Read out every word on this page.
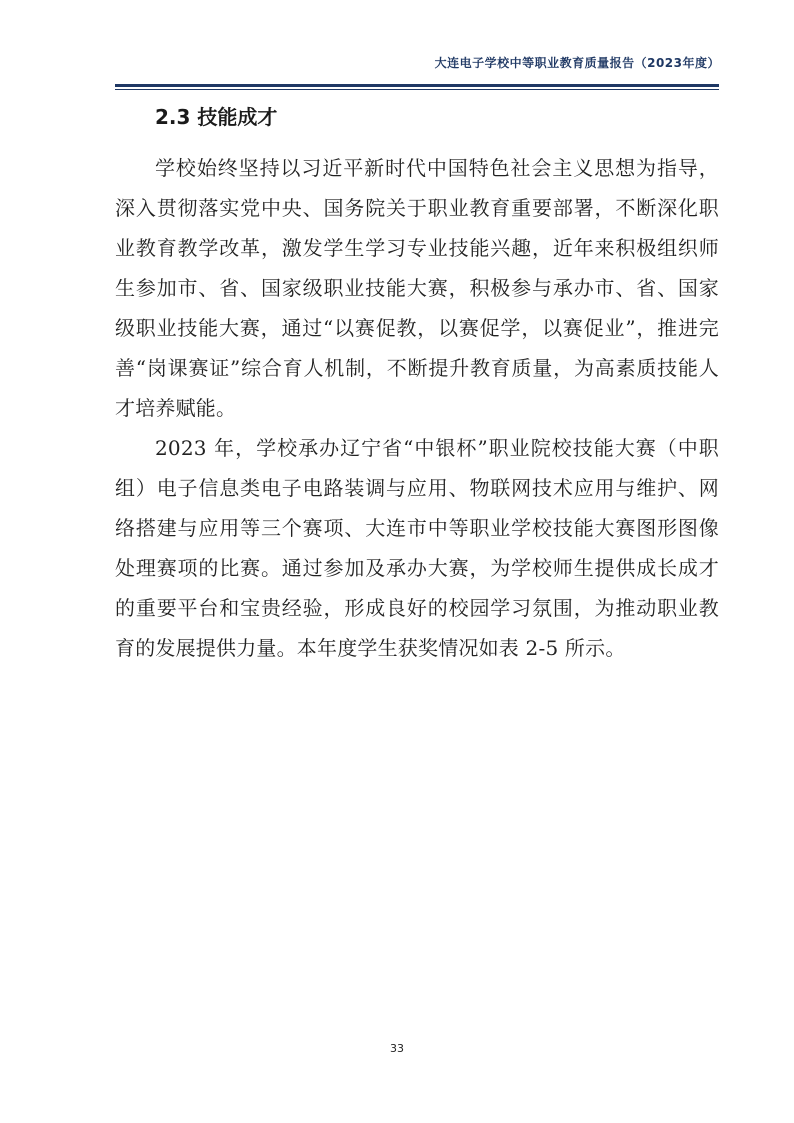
大连电子学校中等职业教育质量报告（2023年度）
2.3 技能成才

学校始终坚持以习近平新时代中国特色社会主义思想为指导，深入贯彻落实党中央、国务院关于职业教育重要部署，不断深化职业教育教学改革，激发学生学习专业技能兴趣，近年来积极组织师生参加市、省、国家级职业技能大赛，积极参与承办市、省、国家级职业技能大赛，通过“以赛促教，以赛促学，以赛促业”，推进完善“岗课赛证”综合育人机制，不断提升教育质量，为高素质技能人才培养赋能。

2023 年，学校承办辽宁省“中银杯”职业院校技能大赛（中职组）电子信息类电子电路装调与应用、物联网技术应用与维护、网络搭建与应用等三个赛项、大连市中等职业学校技能大赛图形图像处理赛项的比赛。通过参加及承办大赛，为学校师生提供成长成才的重要平台和宝贵经验，形成良好的校园学习氛围，为推动职业教育的发展提供力量。本年度学生获奖情况如表 2-5 所示。

33
